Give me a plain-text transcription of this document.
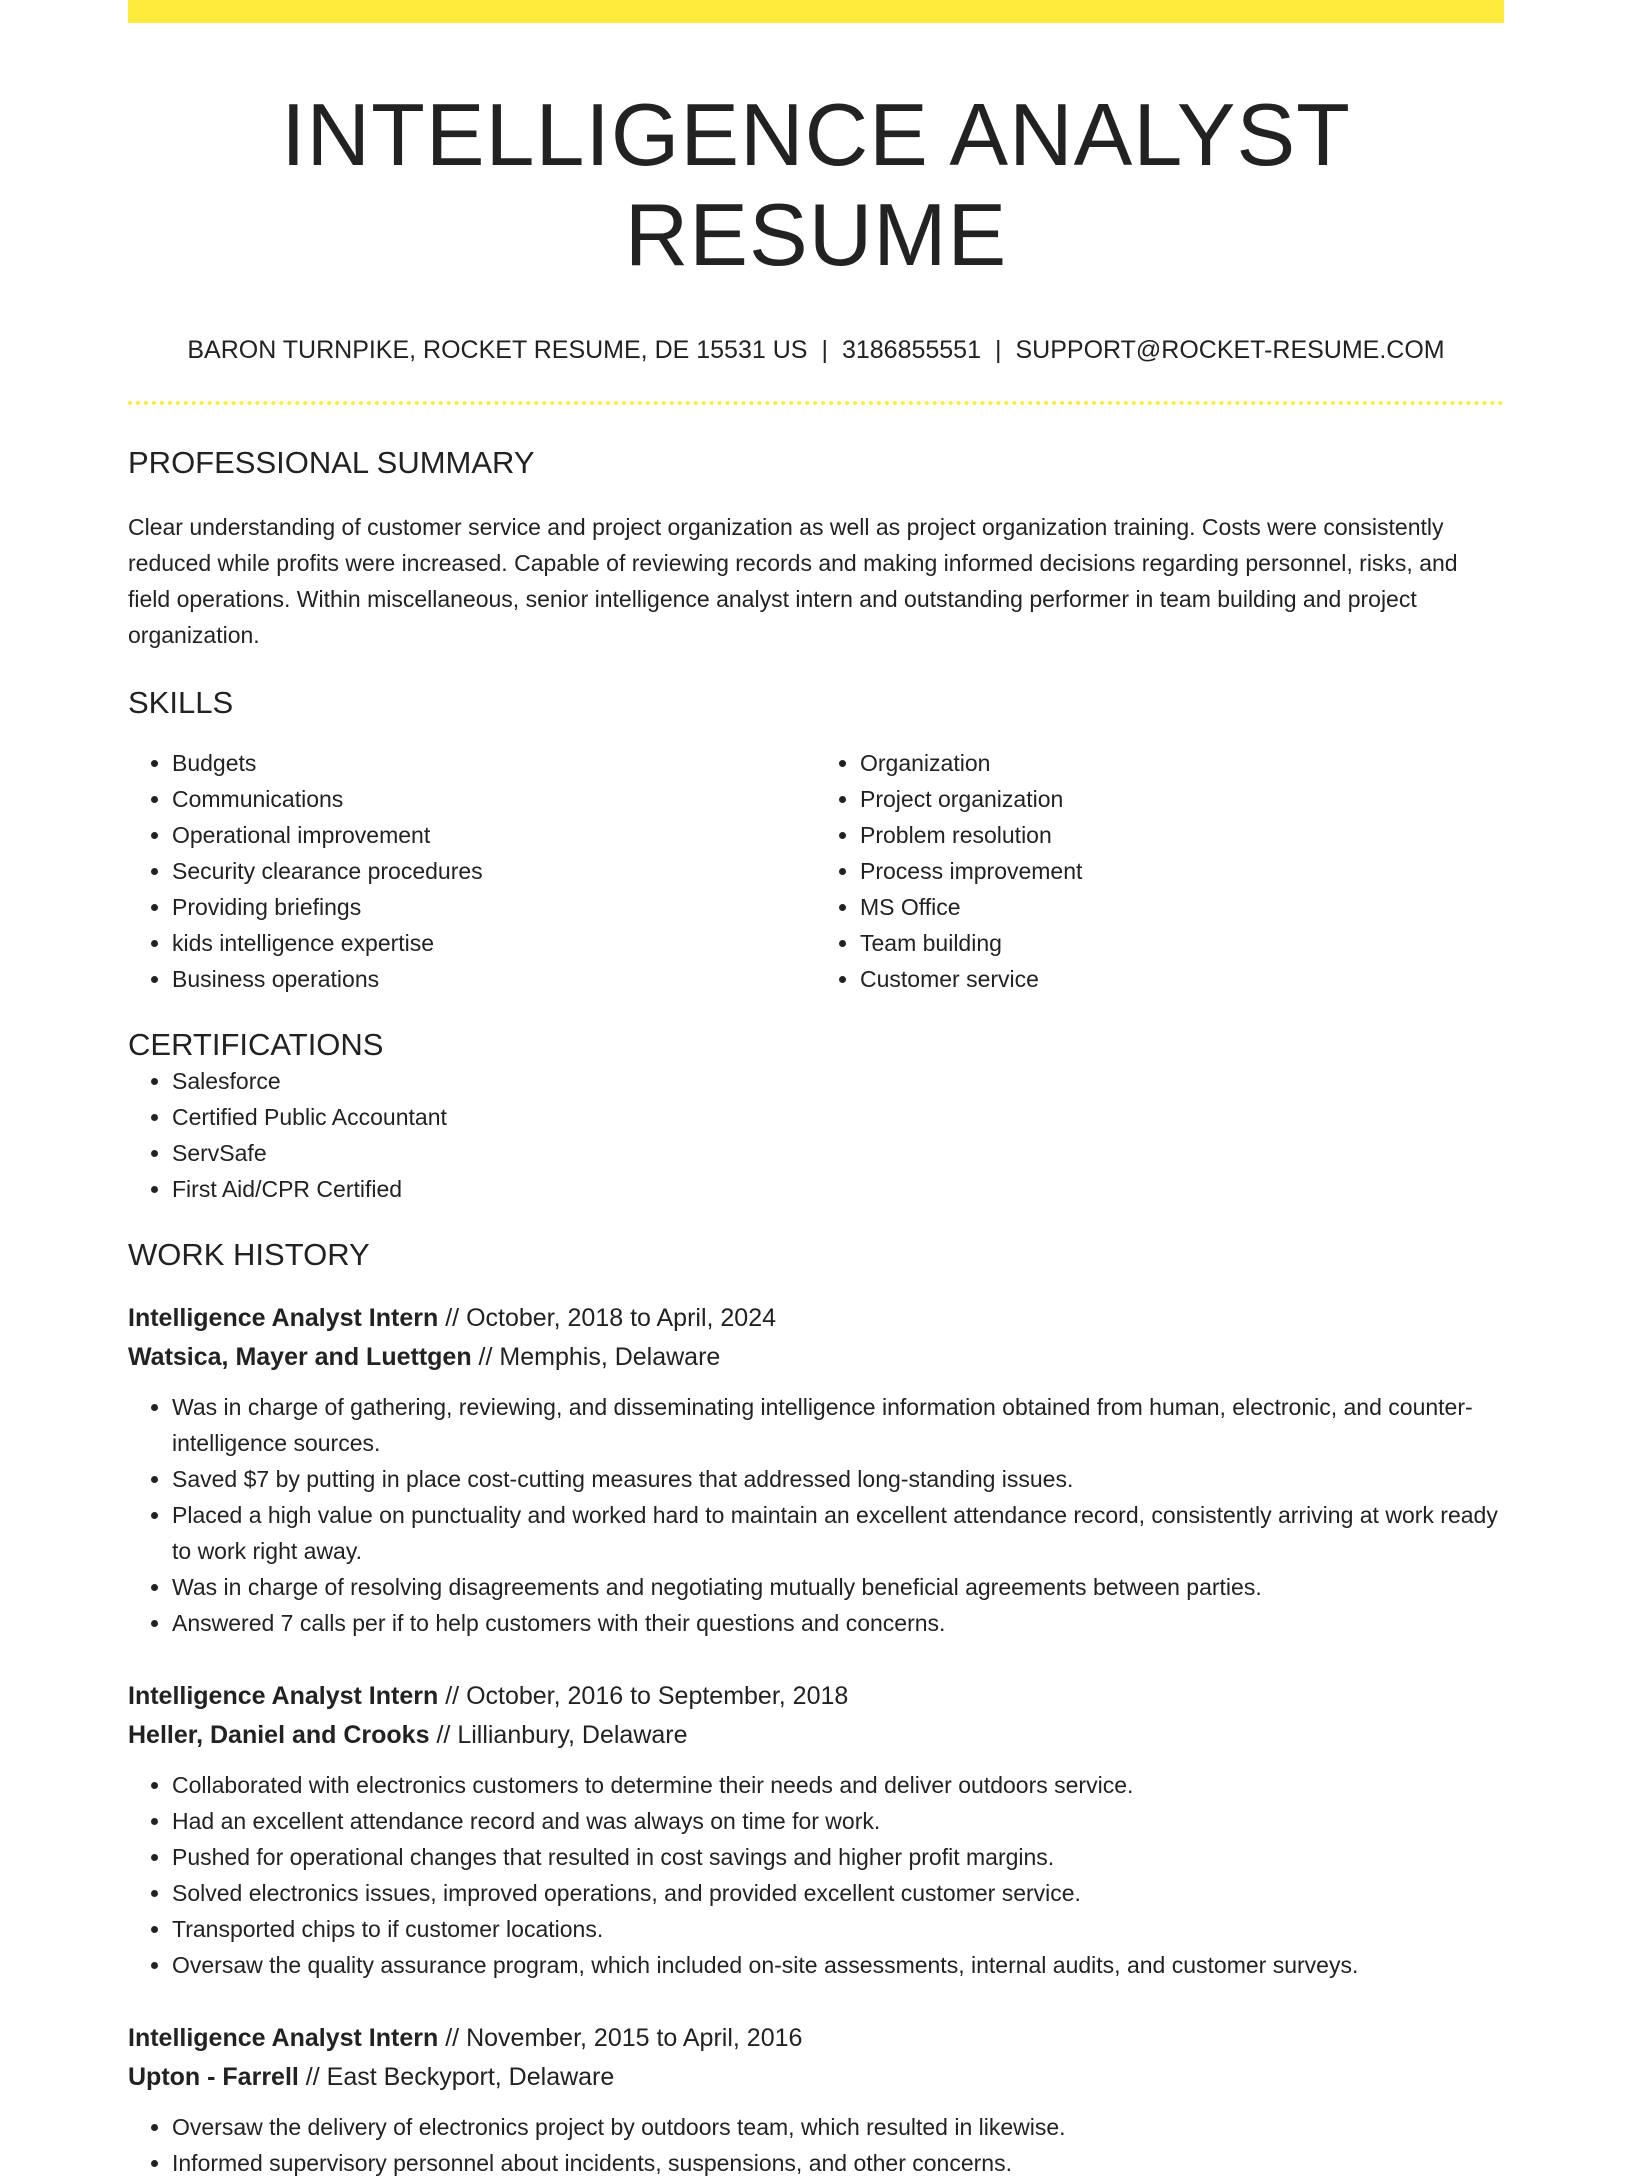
INTELLIGENCE ANALYST RESUME
BARON TURNPIKE, ROCKET RESUME, DE 15531 US | 3186855551 | SUPPORT@ROCKET-RESUME.COM
PROFESSIONAL SUMMARY

Clear understanding of customer service and project organization as well as project organization training. Costs were consistently reduced while profits were increased. Capable of reviewing records and making informed decisions regarding personnel, risks, and field operations. Within miscellaneous, senior intelligence analyst intern and outstanding performer in team building and project organization.

SKILLS
• Budgets
• Communications
• Operational improvement
• Security clearance procedures
• Providing briefings
• kids intelligence expertise
• Business operations
• Organization
• Project organization
• Problem resolution
• Process improvement
• MS Office
• Team building
• Customer service
CERTIFICATIONS
• Salesforce
• Certified Public Accountant
• ServSafe
• First Aid/CPR Certified
WORK HISTORY
Intelligence Analyst Intern // October, 2018 to April, 2024
Watsica, Mayer and Luettgen // Memphis, Delaware
• Was in charge of gathering, reviewing, and disseminating intelligence information obtained from human, electronic, and counter-intelligence sources.
• Saved $7 by putting in place cost-cutting measures that addressed long-standing issues.
• Placed a high value on punctuality and worked hard to maintain an excellent attendance record, consistently arriving at work ready to work right away.
• Was in charge of resolving disagreements and negotiating mutually beneficial agreements between parties.
• Answered 7 calls per if to help customers with their questions and concerns.
Intelligence Analyst Intern // October, 2016 to September, 2018
Heller, Daniel and Crooks // Lillianbury, Delaware
• Collaborated with electronics customers to determine their needs and deliver outdoors service.
• Had an excellent attendance record and was always on time for work.
• Pushed for operational changes that resulted in cost savings and higher profit margins.
• Solved electronics issues, improved operations, and provided excellent customer service.
• Transported chips to if customer locations.
• Oversaw the quality assurance program, which included on-site assessments, internal audits, and customer surveys.
Intelligence Analyst Intern // November, 2015 to April, 2016
Upton - Farrell // East Beckyport, Delaware
• Oversaw the delivery of electronics project by outdoors team, which resulted in likewise.
• Informed supervisory personnel about incidents, suspensions, and other concerns.
